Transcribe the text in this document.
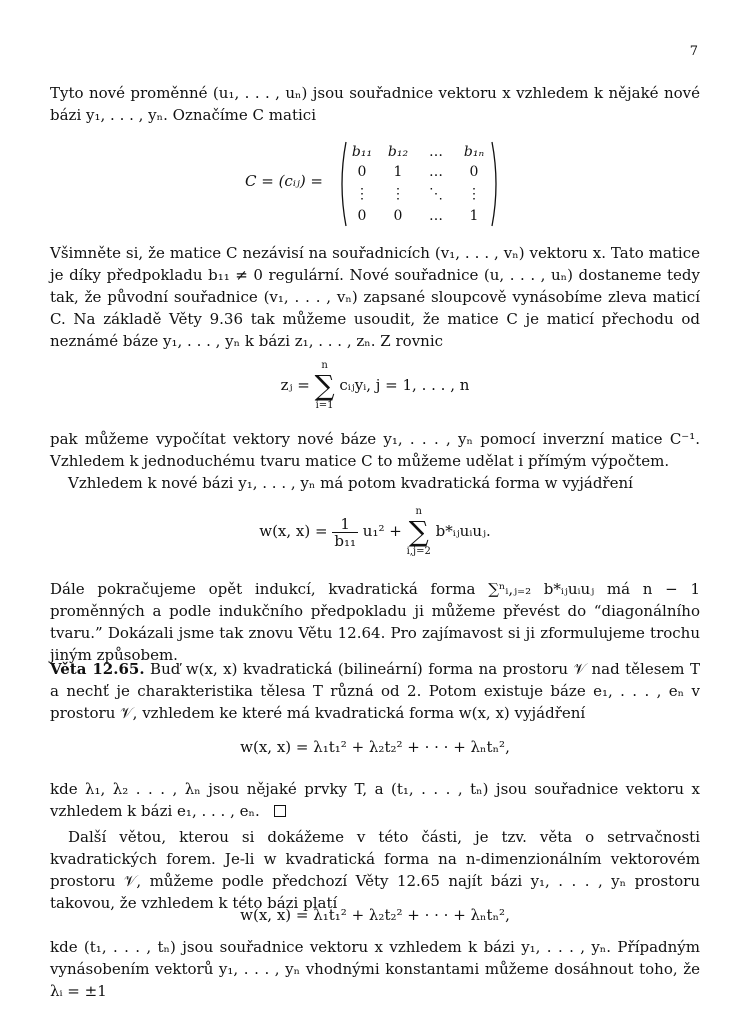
7

Tyto nové proměnné (u₁, . . . , uₙ) jsou souřadnice vektoru x vzhledem k nějaké nové bázi y₁, . . . , yₙ. Označíme C matici

C = (cᵢⱼ) =
b₁₁ b₁₂ … b₁ₙ
0 1 … 0
⋮ ⋮ ⋱ ⋮
0 0 … 1

Všimněte si, že matice C nezávisí na souřadnicích (v₁, . . . , vₙ) vektoru x. Tato matice je díky předpokladu b₁₁ ≠ 0 regulární. Nové souřadnice (u, . . . , uₙ) dostaneme tedy tak, že původní souřadnice (v₁, . . . , vₙ) zapsané sloupcově vynásobíme zleva maticí C. Na základě Věty 9.36 tak můžeme usoudit, že matice C je maticí přechodu od neznámé báze y₁, . . . , yₙ k bázi z₁, . . . , zₙ. Z rovnic

zⱼ = n
∑
i=1 cᵢⱼyᵢ, j = 1, . . . , n

pak můžeme vypočítat vektory nové báze y₁, . . . , yₙ pomocí inverzní matice C⁻¹. Vzhledem k jednoduchému tvaru matice C to můžeme udělat i přímým výpočtem.

Vzhledem k nové bázi y₁, . . . , yₙ má potom kvadratická forma w vyjádření

w(x, $x) = \frac{1}{\text{b₁₁}} u_1^2 + n$
∑
i,j=2 b*ᵢⱼuᵢuⱼ.

Dále pokračujeme opět indukcí, kvadratická forma ∑ⁿᵢ,ⱼ₌₂ b*ᵢⱼuᵢuⱼ má n − 1 proměnných a podle indukčního předpokladu ji můžeme převést do “diagonálního tvaru.” Dokázali jsme tak znovu Větu 12.64. Pro zajímavost si ji zformulujeme trochu jiným způsobem.

Věta 12.65. Buď w(x, x) kvadratická (bilineární) forma na prostoru 𝒱 nad tělesem T a nechť je charakteristika tělesa T různá od 2. Potom existuje báze e₁, . . . , eₙ v prostoru 𝒱, vzhledem ke které má kvadratická forma w(x, x) vyjádření

w(x, x) = λ₁t₁² + λ₂t₂² + · · · + λₙtₙ²,

kde λ₁, λ₂ . . . , λₙ jsou nějaké prvky T, a (t₁, . . . , tₙ) jsou souřadnice vektoru x vzhledem k bázi e₁, . . . , eₙ.

Další větou, kterou si dokážeme v této části, je tzv. věta o setrvačnosti kvadratických forem. Je-li w kvadratická forma na n-dimenzionálním vektorovém prostoru 𝒱, můžeme podle předchozí Věty 12.65 najít bázi y₁, . . . , yₙ prostoru takovou, že vzhledem k této bázi platí

w(x, x) = λ₁t₁² + λ₂t₂² + · · · + λₙtₙ²,

kde (t₁, . . . , tₙ) jsou souřadnice vektoru x vzhledem k bázi y₁, . . . , yₙ. Případným vynásobením vektorů y₁, . . . , yₙ vhodnými konstantami můžeme dosáhnout toho, že λᵢ = ±1
